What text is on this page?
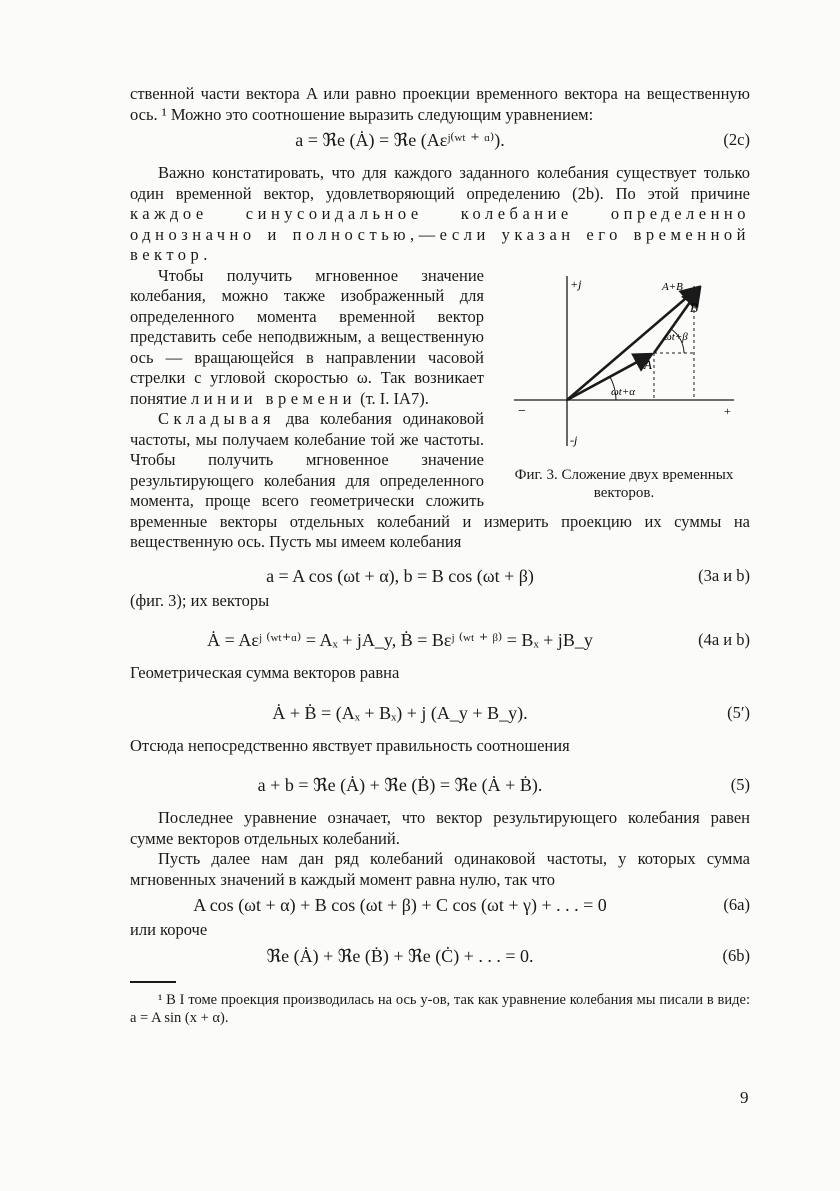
ственной части вектора A или равно проекции временного вектора на вещественную ось. ¹ Можно это соотношение выразить следующим уравнением:

a = ℜe (Ȧ) = ℜe (Aεʲ⁽ʷᵗ ⁺ ᵅ⁾).	(2c)

Важно констатировать, что для каждого заданного колебания существует только один временной вектор, удовлетворяющий определению (2b). По этой причине каждое синусоидальное колебание определенно однозначно и полностью,—если указан его временной вектор.

+j
-j
−	+
A
B
A+B
ωt+α
ωt+β
Фиг. 3. Сложение двух временных векторов.

Чтобы получить мгновенное значение колебания, можно также изображенный для определенного момента временной вектор представить себе неподвижным, а вещественную ось — вращающейся в направлении часовой стрелки с угловой скоростью ω. Так возникает понятие линии времени (т. I. IA7).

Складывая два колебания одинаковой частоты, мы получаем колебание той же частоты. Чтобы получить мгновенное значение результирующего колебания для определенного момента, проще всего геометрически сложить временные векторы отдельных колебаний и измерить проекцию их суммы на вещественную ось. Пусть мы имеем колебания

a = A cos (ωt + α), b = B cos (ωt + β)	(3a и b)

(фиг. 3); их векторы

Ȧ = Aεʲ ⁽ʷᵗ⁺ᵅ⁾ = Aₓ + jA_y, Ḃ = Bεʲ ⁽ʷᵗ ⁺ ᵝ⁾ = Bₓ + jB_y	(4a и b)

Геометрическая сумма векторов равна

Ȧ + Ḃ = (Aₓ + Bₓ) + j (A_y + B_y).	(5′)

Отсюда непосредственно явствует правильность соотношения

a + b = ℜe (Ȧ) + ℜe (Ḃ) = ℜe (Ȧ + Ḃ).	(5)

Последнее уравнение означает, что вектор результирующего колебания равен сумме векторов отдельных колебаний.

Пусть далее нам дан ряд колебаний одинаковой частоты, у которых сумма мгновенных значений в каждый момент равна нулю, так что

A cos (ωt + α) + B cos (ωt + β) + C cos (ωt + γ) + . . . = 0	(6a)

или короче

ℜe (Ȧ) + ℜe (Ḃ) + ℜe (Ċ) + . . . = 0.	(6b)

¹ В I томе проекция производилась на ось y-ов, так как уравнение колебания мы писали в виде: a = A sin (x + α).

9
